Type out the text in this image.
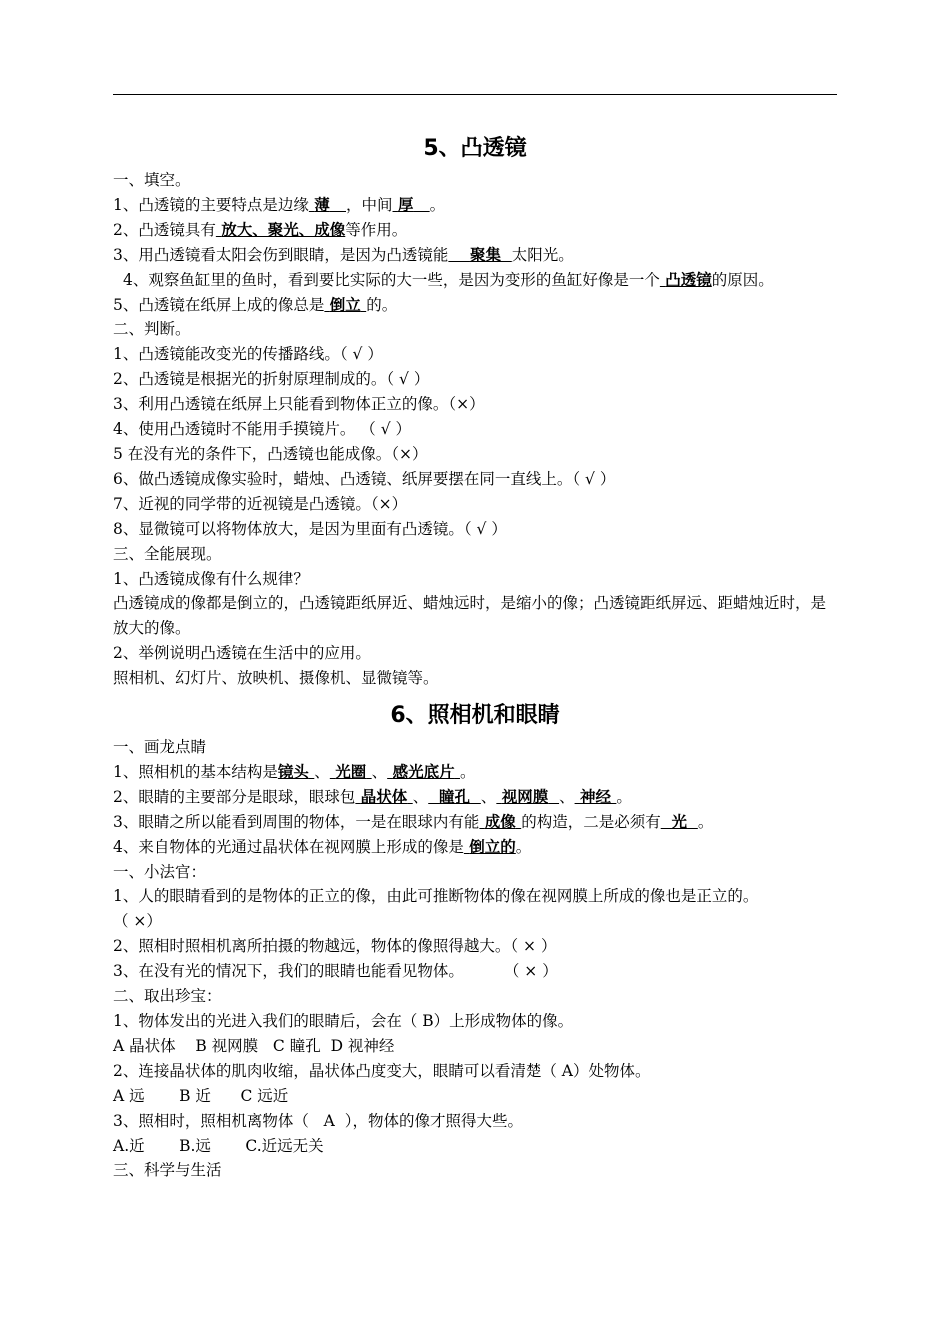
5、凸透镜
一、填空。
1、凸透镜的主要特点是边缘 薄 ，中间 厚 。
2、凸透镜具有 放大、聚光、成像等作用。
3、用凸透镜看太阳会伤到眼睛，是因为凸透镜能 聚集 太阳光。
4、观察鱼缸里的鱼时，看到要比实际的大一些，是因为变形的鱼缸好像是一个 凸透镜的原因。
5、凸透镜在纸屏上成的像总是 倒立 的。
二、判断。
1、凸透镜能改变光的传播路线。（ √ ）
2、凸透镜是根据光的折射原理制成的。（ √ ）
3、利用凸透镜在纸屏上只能看到物体正立的像。（×）
4、使用凸透镜时不能用手摸镜片。 （ √ ）
5 在没有光的条件下，凸透镜也能成像。（×）
6、做凸透镜成像实验时，蜡烛、凸透镜、纸屏要摆在同一直线上。（ √ ）
7、近视的同学带的近视镜是凸透镜。（×）
8、显微镜可以将物体放大，是因为里面有凸透镜。（ √ ）
三、全能展现。
1、凸透镜成像有什么规律？
凸透镜成的像都是倒立的，凸透镜距纸屏近、蜡烛远时，是缩小的像；凸透镜距纸屏远、距蜡烛近时，是放大的像。
2、举例说明凸透镜在生活中的应用。
照相机、幻灯片、放映机、摄像机、显微镜等。
6、照相机和眼睛
一、画龙点睛
1、照相机的基本结构是镜头 、 光圈 、 感光底片 。
2、眼睛的主要部分是眼球，眼球包 晶状体 、 瞳孔 、 视网膜 、 神经 。
3、眼睛之所以能看到周围的物体，一是在眼球内有能 成像 的构造，二是必须有 光 。
4、来自物体的光通过晶状体在视网膜上形成的像是 倒立的。
一、小法官：
1、人的眼睛看到的是物体的正立的像，由此可推断物体的像在视网膜上所成的像也是正立的。（ ×）
2、照相时照相机离所拍摄的物越远，物体的像照得越大。（ × ）
3、在没有光的情况下，我们的眼睛也能看见物体。	（ × ）
二、取出珍宝：
1、物体发出的光进入我们的眼睛后，会在（ B）上形成物体的像。
A 晶状体    B 视网膜   C 瞳孔  D 视神经
2、连接晶状体的肌肉收缩，晶状体凸度变大，眼睛可以看清楚（ A）处物体。
A 远       B 近      C 远近
3、照相时，照相机离物体（   A  ），物体的像才照得大些。
A.近       B.远       C.近远无关
三、科学与生活
